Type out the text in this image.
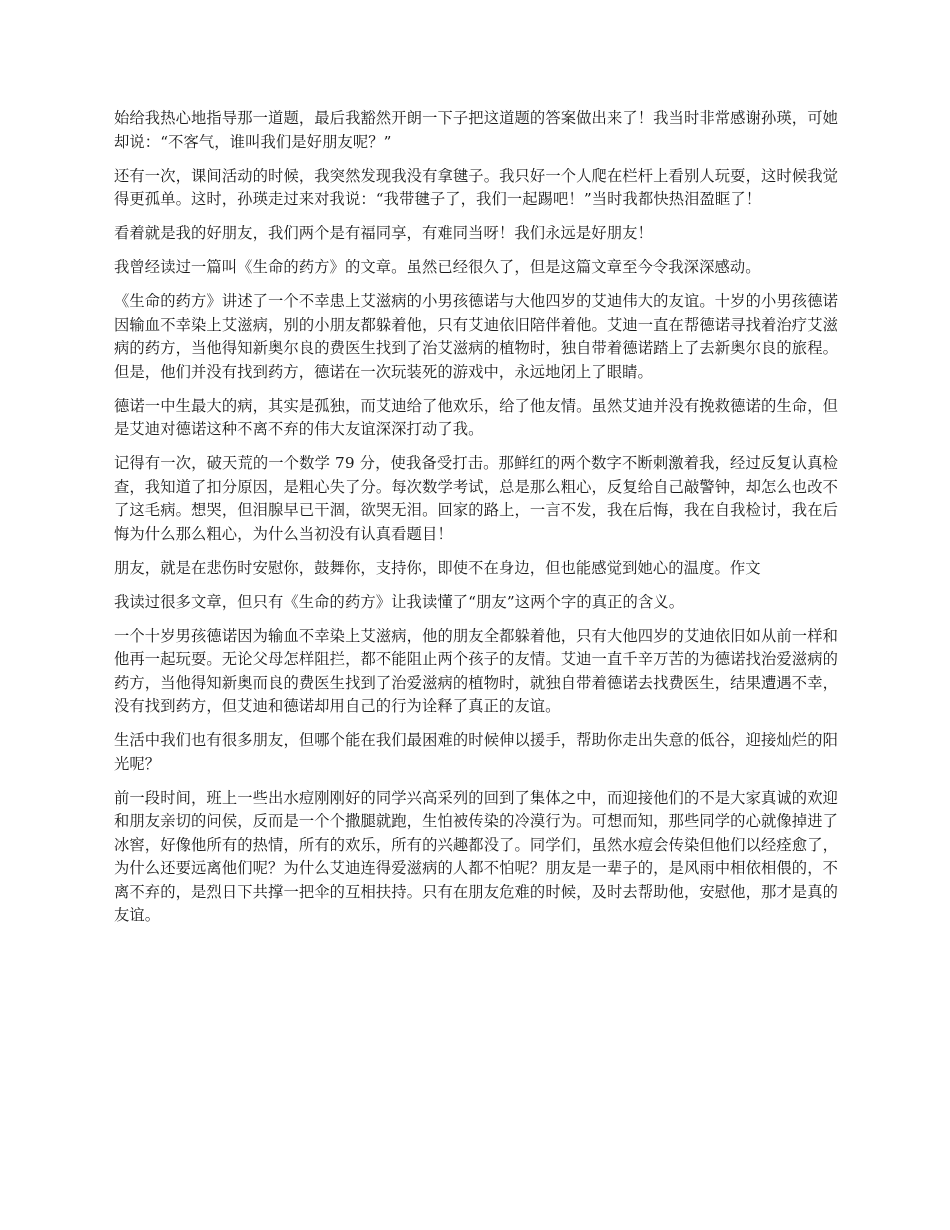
始给我热心地指导那一道题，最后我豁然开朗一下子把这道题的答案做出来了！我当时非常感谢孙瑛，可她却说：“不客气，谁叫我们是好朋友呢？”

还有一次，课间活动的时候，我突然发现我没有拿毽子。我只好一个人爬在栏杆上看别人玩耍，这时候我觉得更孤单。这时，孙瑛走过来对我说：“我带毽子了，我们一起踢吧！”当时我都快热泪盈眶了！

看着就是我的好朋友，我们两个是有福同享，有难同当呀！我们永远是好朋友！

我曾经读过一篇叫《生命的药方》的文章。虽然已经很久了，但是这篇文章至今令我深深感动。

《生命的药方》讲述了一个不幸患上艾滋病的小男孩德诺与大他四岁的艾迪伟大的友谊。十岁的小男孩德诺因输血不幸染上艾滋病，别的小朋友都躲着他，只有艾迪依旧陪伴着他。艾迪一直在帮德诺寻找着治疗艾滋病的药方，当他得知新奥尔良的费医生找到了治艾滋病的植物时，独自带着德诺踏上了去新奥尔良的旅程。但是，他们并没有找到药方，德诺在一次玩装死的游戏中，永远地闭上了眼睛。

德诺一中生最大的病，其实是孤独，而艾迪给了他欢乐，给了他友情。虽然艾迪并没有挽救德诺的生命，但是艾迪对德诺这种不离不弃的伟大友谊深深打动了我。

记得有一次，破天荒的一个数学 79 分，使我备受打击。那鲜红的两个数字不断刺激着我，经过反复认真检查，我知道了扣分原因，是粗心失了分。每次数学考试，总是那么粗心，反复给自己敲警钟，却怎么也改不了这毛病。想哭，但泪腺早已干涸，欲哭无泪。回家的路上，一言不发，我在后悔，我在自我检讨，我在后悔为什么那么粗心，为什么当初没有认真看题目！

朋友，就是在悲伤时安慰你，鼓舞你，支持你，即使不在身边，但也能感觉到她心的温度。作文

我读过很多文章，但只有《生命的药方》让我读懂了“朋友”这两个字的真正的含义。

一个十岁男孩德诺因为输血不幸染上艾滋病，他的朋友全都躲着他，只有大他四岁的艾迪依旧如从前一样和他再一起玩耍。无论父母怎样阻拦，都不能阻止两个孩子的友情。艾迪一直千辛万苦的为德诺找治爱滋病的药方，当他得知新奥而良的费医生找到了治爱滋病的植物时，就独自带着德诺去找费医生，结果遭遇不幸，没有找到药方，但艾迪和德诺却用自己的行为诠释了真正的友谊。

生活中我们也有很多朋友，但哪个能在我们最困难的时候伸以援手，帮助你走出失意的低谷，迎接灿烂的阳光呢？

前一段时间，班上一些出水痘刚刚好的同学兴高采列的回到了集体之中，而迎接他们的不是大家真诚的欢迎和朋友亲切的问侯，反而是一个个撒腿就跑，生怕被传染的冷漠行为。可想而知，那些同学的心就像掉进了冰窖，好像他所有的热情，所有的欢乐，所有的兴趣都没了。同学们，虽然水痘会传染但他们以经痊愈了，为什么还要远离他们呢？为什么艾迪连得爱滋病的人都不怕呢？朋友是一辈子的，是风雨中相依相偎的，不离不弃的，是烈日下共撑一把伞的互相扶持。只有在朋友危难的时候，及时去帮助他，安慰他，那才是真的友谊。
